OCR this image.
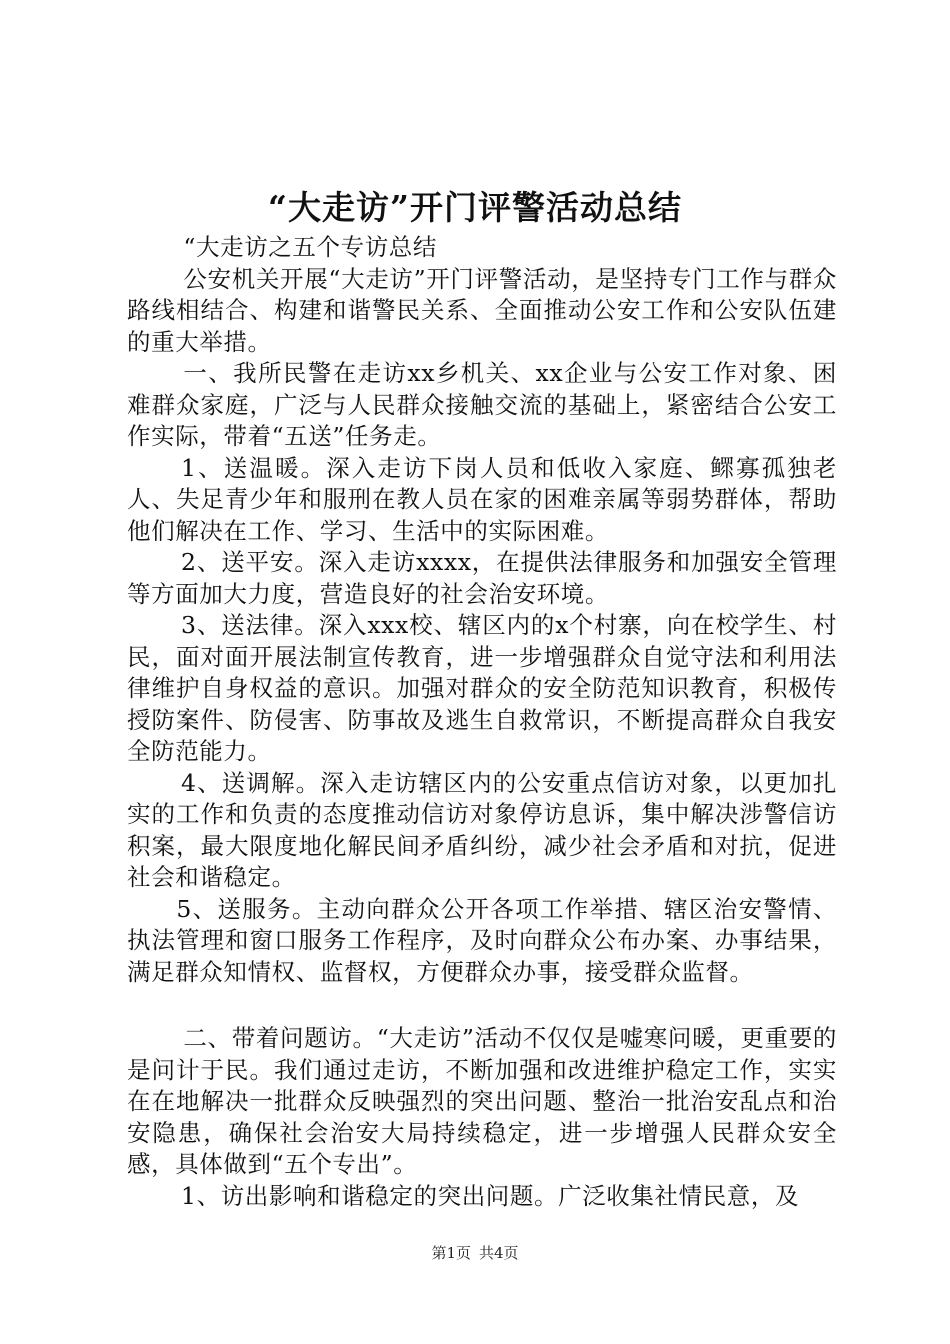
“大走访”开门评警活动总结

“大走访之五个专访总结

公安机关开展“大走访”开门评警活动，是坚持专门工作与群众路线相结合、构建和谐警民关系、全面推动公安工作和公安队伍建的重大举措。

一、我所民警在走访xx乡机关、xx企业与公安工作对象、困难群众家庭，广泛与人民群众接触交流的基础上，紧密结合公安工作实际，带着“五送”任务走。

1、送温暖。深入走访下岗人员和低收入家庭、鳏寡孤独老人、失足青少年和服刑在教人员在家的困难亲属等弱势群体，帮助他们解决在工作、学习、生活中的实际困难。

2、送平安。深入走访xxxx，在提供法律服务和加强安全管理等方面加大力度，营造良好的社会治安环境。

3、送法律。深入xxx校、辖区内的x个村寨，向在校学生、村民，面对面开展法制宣传教育，进一步增强群众自觉守法和利用法律维护自身权益的意识。加强对群众的安全防范知识教育，积极传授防案件、防侵害、防事故及逃生自救常识，不断提高群众自我安全防范能力。

4、送调解。深入走访辖区内的公安重点信访对象，以更加扎实的工作和负责的态度推动信访对象停访息诉，集中解决涉警信访积案，最大限度地化解民间矛盾纠纷，减少社会矛盾和对抗，促进社会和谐稳定。

5、送服务。主动向群众公开各项工作举措、辖区治安警情、执法管理和窗口服务工作程序，及时向群众公布办案、办事结果，满足群众知情权、监督权，方便群众办事，接受群众监督。

二、带着问题访。“大走访”活动不仅仅是嘘寒问暖，更重要的是问计于民。我们通过走访，不断加强和改进维护稳定工作，实实在在地解决一批群众反映强烈的突出问题、整治一批治安乱点和治安隐患，确保社会治安大局持续稳定，进一步增强人民群众安全感，具体做到“五个专出”。

1、访出影响和谐稳定的突出问题。广泛收集社情民意，及

第1页 共4页
